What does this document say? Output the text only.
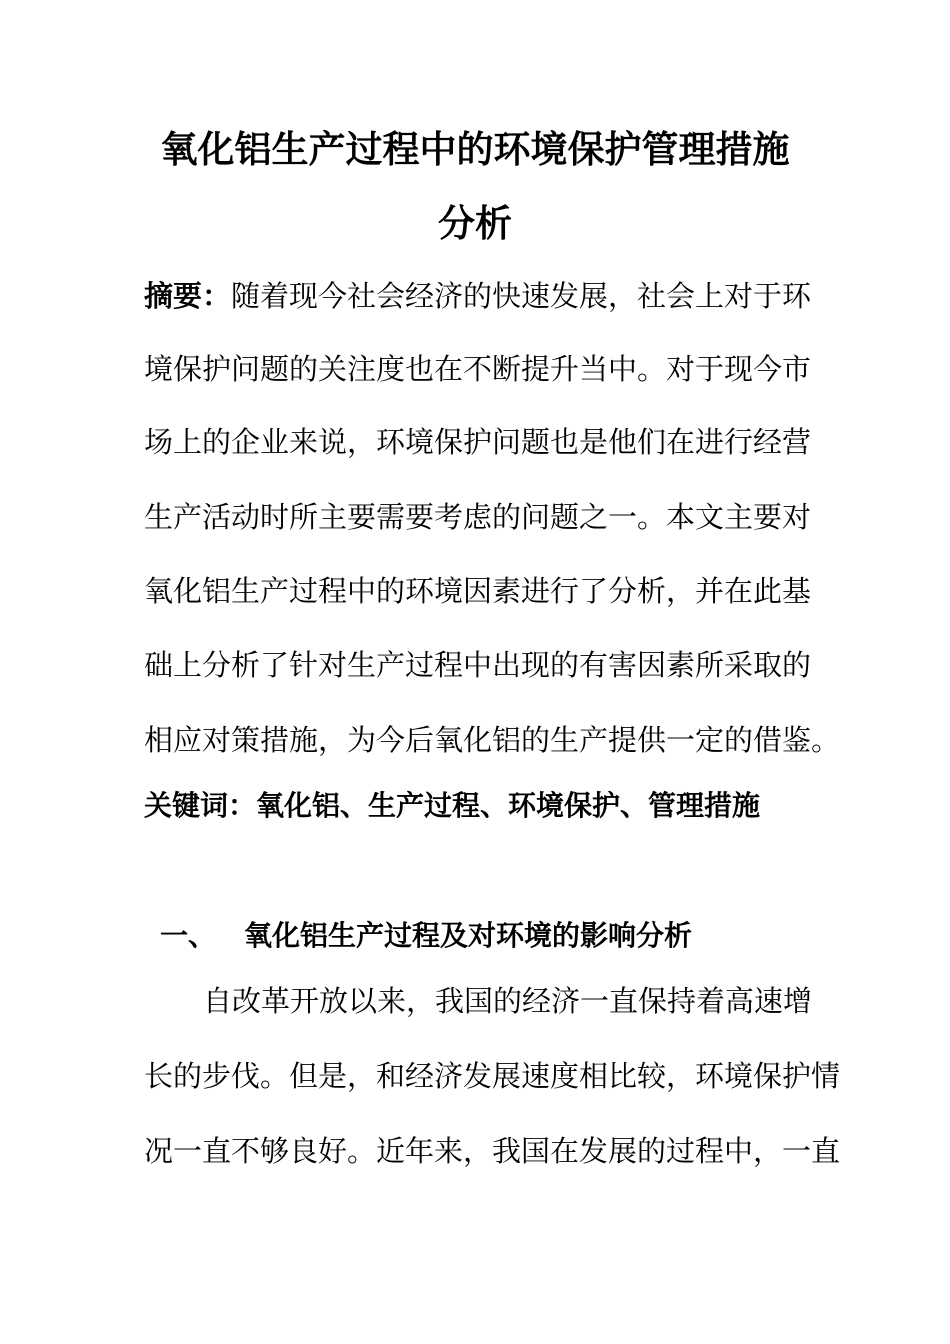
氧化铝生产过程中的环境保护管理措施
分析
摘要：随着现今社会经济的快速发展，社会上对于环
境保护问题的关注度也在不断提升当中。对于现今市
场上的企业来说，环境保护问题也是他们在进行经营
生产活动时所主要需要考虑的问题之一。本文主要对
氧化铝生产过程中的环境因素进行了分析，并在此基
础上分析了针对生产过程中出现的有害因素所采取的
相应对策措施，为今后氧化铝的生产提供一定的借鉴。
关键词：氧化铝、生产过程、环境保护、管理措施
一、 氧化铝生产过程及对环境的影响分析
自改革开放以来，我国的经济一直保持着高速增
长的步伐。但是，和经济发展速度相比较，环境保护情
况一直不够良好。近年来，我国在发展的过程中，一直
